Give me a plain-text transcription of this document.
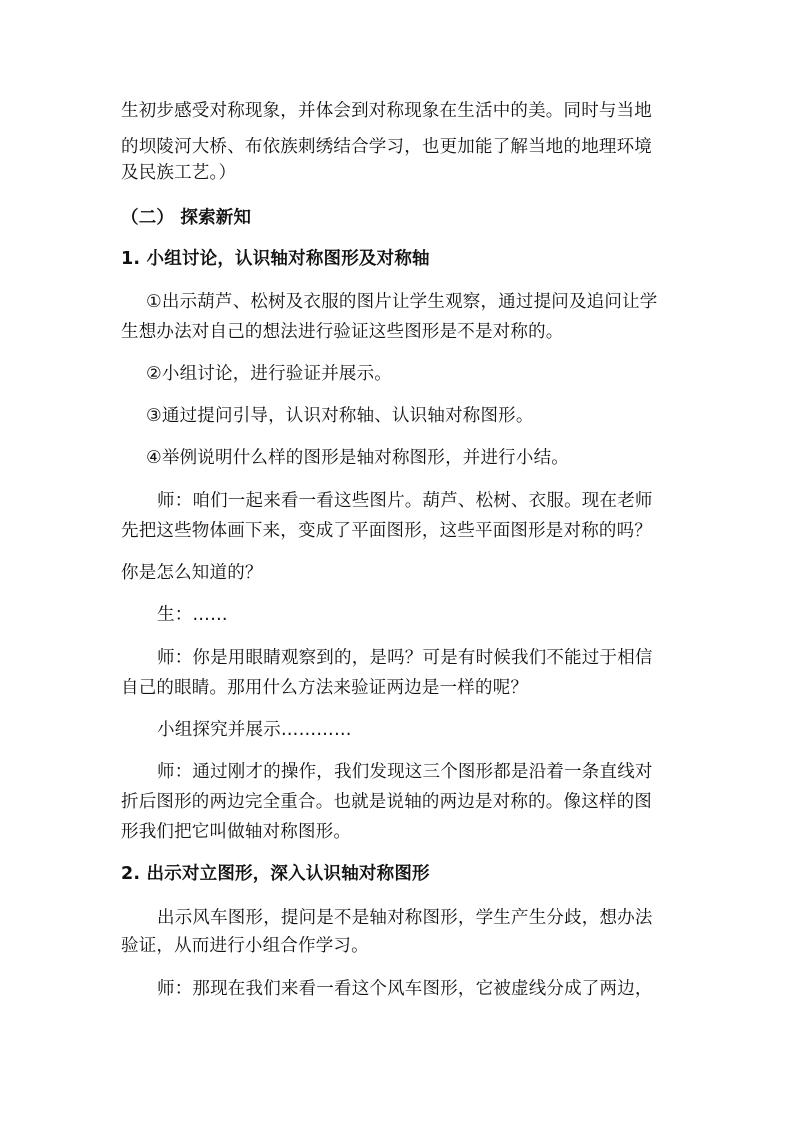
生初步感受对称现象，并体会到对称现象在生活中的美。同时与当地
的坝陵河大桥、布依族刺绣结合学习，也更加能了解当地的地理环境
及民族工艺。）
（二） 探索新知
1. 小组讨论，认识轴对称图形及对称轴
①出示葫芦、松树及衣服的图片让学生观察，通过提问及追问让学
生想办法对自己的想法进行验证这些图形是不是对称的。
②小组讨论，进行验证并展示。
③通过提问引导，认识对称轴、认识轴对称图形。
④举例说明什么样的图形是轴对称图形，并进行小结。
师：咱们一起来看一看这些图片。葫芦、松树、衣服。现在老师
先把这些物体画下来，变成了平面图形，这些平面图形是对称的吗？
你是怎么知道的？
生：……
师：你是用眼睛观察到的，是吗？可是有时候我们不能过于相信
自己的眼睛。那用什么方法来验证两边是一样的呢？
小组探究并展示…………
师：通过刚才的操作，我们发现这三个图形都是沿着一条直线对
折后图形的两边完全重合。也就是说轴的两边是对称的。像这样的图
形我们把它叫做轴对称图形。
2. 出示对立图形，深入认识轴对称图形
出示风车图形，提问是不是轴对称图形，学生产生分歧，想办法
验证，从而进行小组合作学习。
师：那现在我们来看一看这个风车图形，它被虚线分成了两边，
